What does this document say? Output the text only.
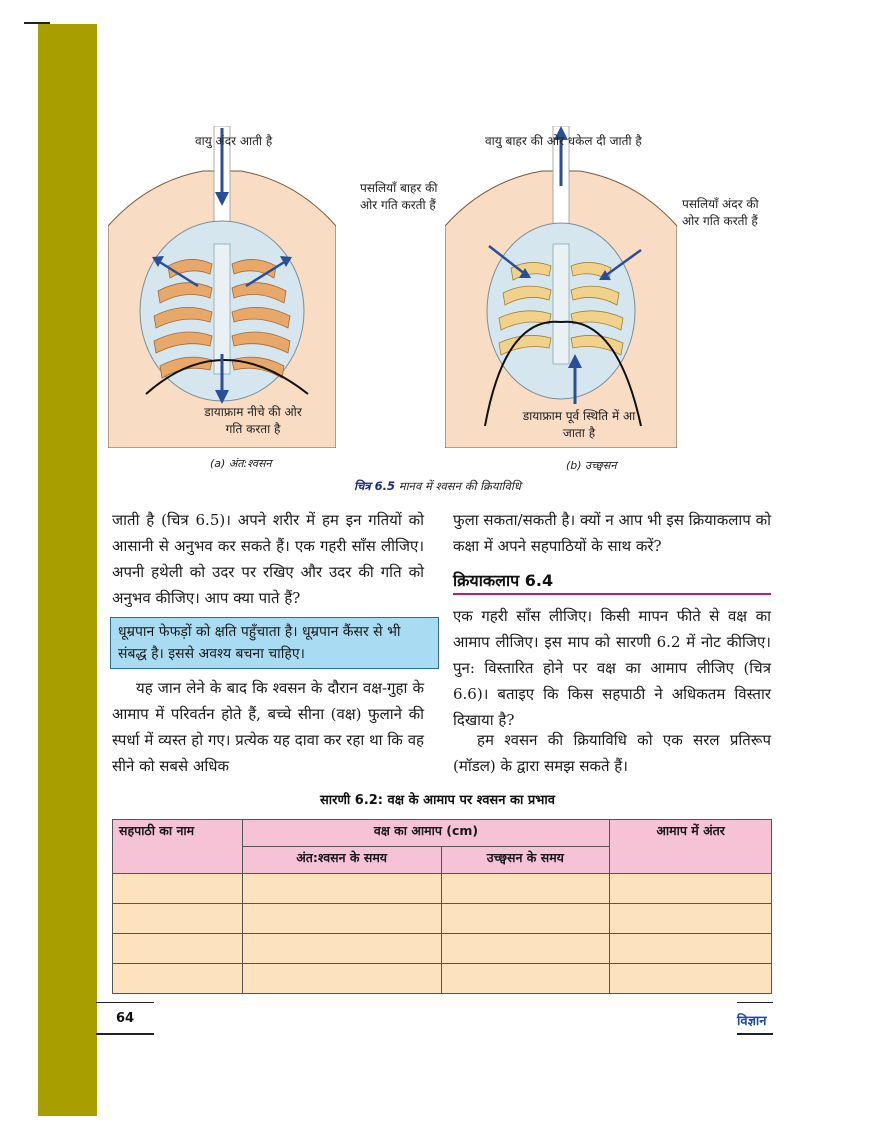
वायु अंदर आती है
पसलियाँ बाहर की ओर गति करती हैं
डायाफ्राम नीचे की ओर गति करता है
(a) अंत:श्वसन
वायु बाहर की ओर धकेल दी जाती है
पसलियाँ अंदर की ओर गति करती हैं
डायाफ्राम पूर्व स्थिति में आ जाता है
(b) उच्छ्वसन
चित्र 6.5 मानव में श्वसन की क्रियाविधि
जाती है (चित्र 6.5)। अपने शरीर में हम इन गतियों को आसानी से अनुभव कर सकते हैं। एक गहरी साँस लीजिए। अपनी हथेली को उदर पर रखिए और उदर की गति को अनुभव कीजिए। आप क्या पाते हैं?
धूम्रपान फेफड़ों को क्षति पहुँचाता है। धूम्रपान कैंसर से भी संबद्ध है। इससे अवश्य बचना चाहिए।
यह जान लेने के बाद कि श्वसन के दौरान वक्ष-गुहा के आमाप में परिवर्तन होते हैं, बच्चे सीना (वक्ष) फुलाने की स्पर्धा में व्यस्त हो गए। प्रत्येक यह दावा कर रहा था कि वह सीने को सबसे अधिक
फुला सकता/सकती है। क्यों न आप भी इस क्रियाकलाप को कक्षा में अपने सहपाठियों के साथ करें?
क्रियाकलाप 6.4
एक गहरी साँस लीजिए। किसी मापन फीते से वक्ष का आमाप लीजिए। इस माप को सारणी 6.2 में नोट कीजिए। पुन: विस्तारित होने पर वक्ष का आमाप लीजिए (चित्र 6.6)। बताइए कि किस सहपाठी ने अधिकतम विस्तार दिखाया है?
हम श्वसन की क्रियाविधि को एक सरल प्रतिरूप (मॉडल) के द्वारा समझ सकते हैं।
सारणी 6.2: वक्ष के आमाप पर श्वसन का प्रभाव
सहपाठी का नाम	वक्ष का आमाप (cm)		आमाप में अंतर
	अंत:श्वसन के समय	उच्छ्वसन के समय	

64	विज्ञान
